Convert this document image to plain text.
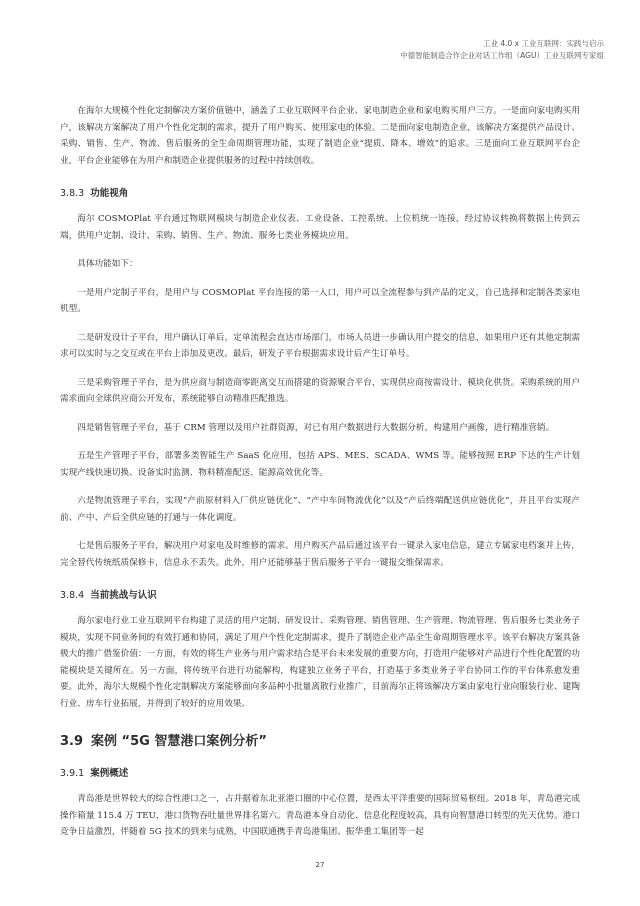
工业 4.0 x 工业互联网：实践与启示
中德智能制造合作企业对话工作组（AGU）工业互联网专家组

在海尔大规模个性化定制解决方案价值链中，涵盖了工业互联网平台企业、家电制造企业和家电购买用户三方。一是面向家电购买用户，该解决方案解决了用户个性化定制的需求，提升了用户购买、使用家电的体验。二是面向家电制造企业，该解决方案提供产品设计、采购、销售、生产、物流、售后服务的全生命周期管理功能，实现了制造企业“提质、降本、增效”的追求。三是面向工业互联网平台企业，平台企业能够在为用户和制造企业提供服务的过程中持续创收。

3.8.3 功能视角

海尔 COSMOPlat 平台通过物联网模块与制造企业仪表、工业设备、工控系统、上位机统一连接，经过协议转换将数据上传到云端，供用户定制、设计、采购、销售、生产、物流、服务七类业务模块应用。

具体功能如下：

一是用户定制子平台，是用户与 COSMOPlat 平台连接的第一入口，用户可以全流程参与到产品的定义，自己选择和定制各类家电机型。

二是研发设计子平台，用户确认订单后，定单流程会直达市场部门，市场人员进一步确认用户提交的信息，如果用户还有其他定制需求可以实时与之交互或在平台上添加及更改。最后，研发子平台根据需求设计后产生订单号。

三是采购管理子平台，是为供应商与制造商零距离交互而搭建的资源聚合平台，实现供应商按需设计、模块化供货。采购系统的用户需求面向全球供应商公开发布，系统能够自动精准匹配推选。

四是销售管理子平台，基于 CRM 管理以及用户社群资源，对已有用户数据进行大数据分析，构建用户画像，进行精准营销。

五是生产管理子平台，部署多类智能生产 SaaS 化应用，包括 APS、MES、SCADA、WMS 等。能够按照 ERP 下达的生产计划实现产线快速切换、设备实时监测、物料精准配送、能源高效优化等。

六是物流管理子平台，实现“产前原材料入厂供应链优化”、“产中车间物流优化”以及“产后终端配送供应链优化”，并且平台实现产前、产中、产后全供应链的打通与一体化调度。

七是售后服务子平台，解决用户对家电及时维修的需求。用户购买产品后通过该平台一键录入家电信息，建立专属家电档案并上传，完全替代传统纸质保修卡，信息永不丢失。此外，用户还能够基于售后服务子平台一键报交维保需求。

3.8.4 当前挑战与认识

海尔家电行业工业互联网平台构建了灵活的用户定制、研发设计、采购管理、销售管理、生产管理、物流管理、售后服务七类业务子模块，实现不同业务间的有效打通和协同，满足了用户个性化定制需求，提升了制造企业产品全生命周期管理水平。该平台解决方案具备极大的推广借鉴价值：一方面，有效的将生产业务与用户需求结合是平台未来发展的重要方向，打造用户能够对产品进行个性化配置的功能模块是关键所在。另一方面，将传统平台进行功能解构，构建独立业务子平台，打造基于多类业务子平台协同工作的平台体系愈发重要。此外，海尔大规模个性化定制解决方案能够面向多品种小批量离散行业推广，目前海尔正将该解决方案由家电行业向服装行业、建陶行业、房车行业拓展，并得到了较好的应用效果。

3.9 案例 “5G 智慧港口案例分析”
3.9.1 案例概述

青岛港是世界较大的综合性港口之一，占并据着东北亚港口圈的中心位置，是西太平洋重要的国际贸易枢纽。2018 年，青岛港完成操作箱量 115.4 万 TEU，港口货物吞吐量世界排名第六。青岛港本身自动化、信息化程度较高，具有向智慧港口转型的先天优势。港口竞争日益激烈，伴随着 5G 技术的到来与成熟，中国联通携手青岛港集团、振华重工集团等一起

27
